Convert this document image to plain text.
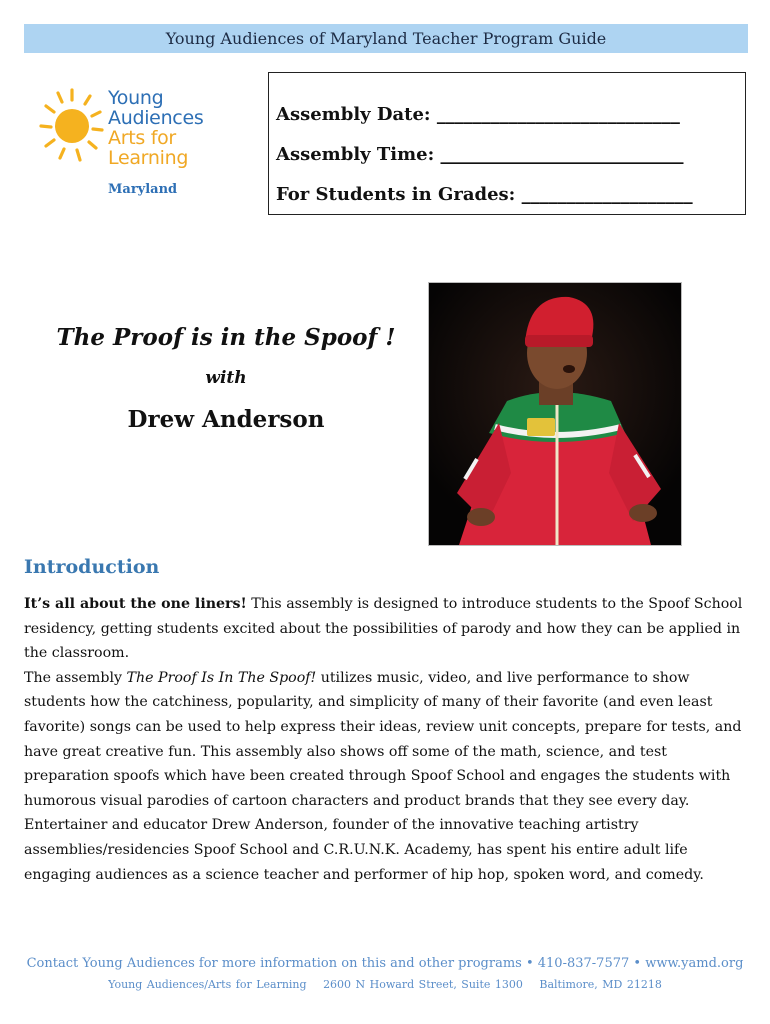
Young Audiences of Maryland Teacher Program Guide
Young
Audiences
Arts for
Learning
Maryland
Assembly Date: ___________________________
Assembly Time: ___________________________
For Students in Grades: ___________________
The Proof is in the Spoof !
with
Drew Anderson
Introduction

It’s all about the one liners! This assembly is designed to introduce students to the Spoof School residency, getting students excited about the possibilities of parody and how they can be applied in the classroom.

The assembly The Proof Is In The Spoof! utilizes music, video, and live performance to show students how the catchiness, popularity, and simplicity of many of their favorite (and even least favorite) songs can be used to help express their ideas, review unit concepts, prepare for tests, and have great creative fun. This assembly also shows off some of the math, science, and test preparation spoofs which have been created through Spoof School and engages the students with humorous visual parodies of cartoon characters and product brands that they see every day.

Entertainer and educator Drew Anderson, founder of the innovative teaching artistry assemblies/residencies Spoof School and C.R.U.N.K. Academy, has spent his entire adult life engaging audiences as a science teacher and performer of hip hop, spoken word, and comedy.

Contact Young Audiences for more information on this and other programs • 410-837-7577 • www.yamd.org
Young Audiences/Arts for Learning 2600 N Howard Street, Suite 1300 Baltimore, MD 21218
